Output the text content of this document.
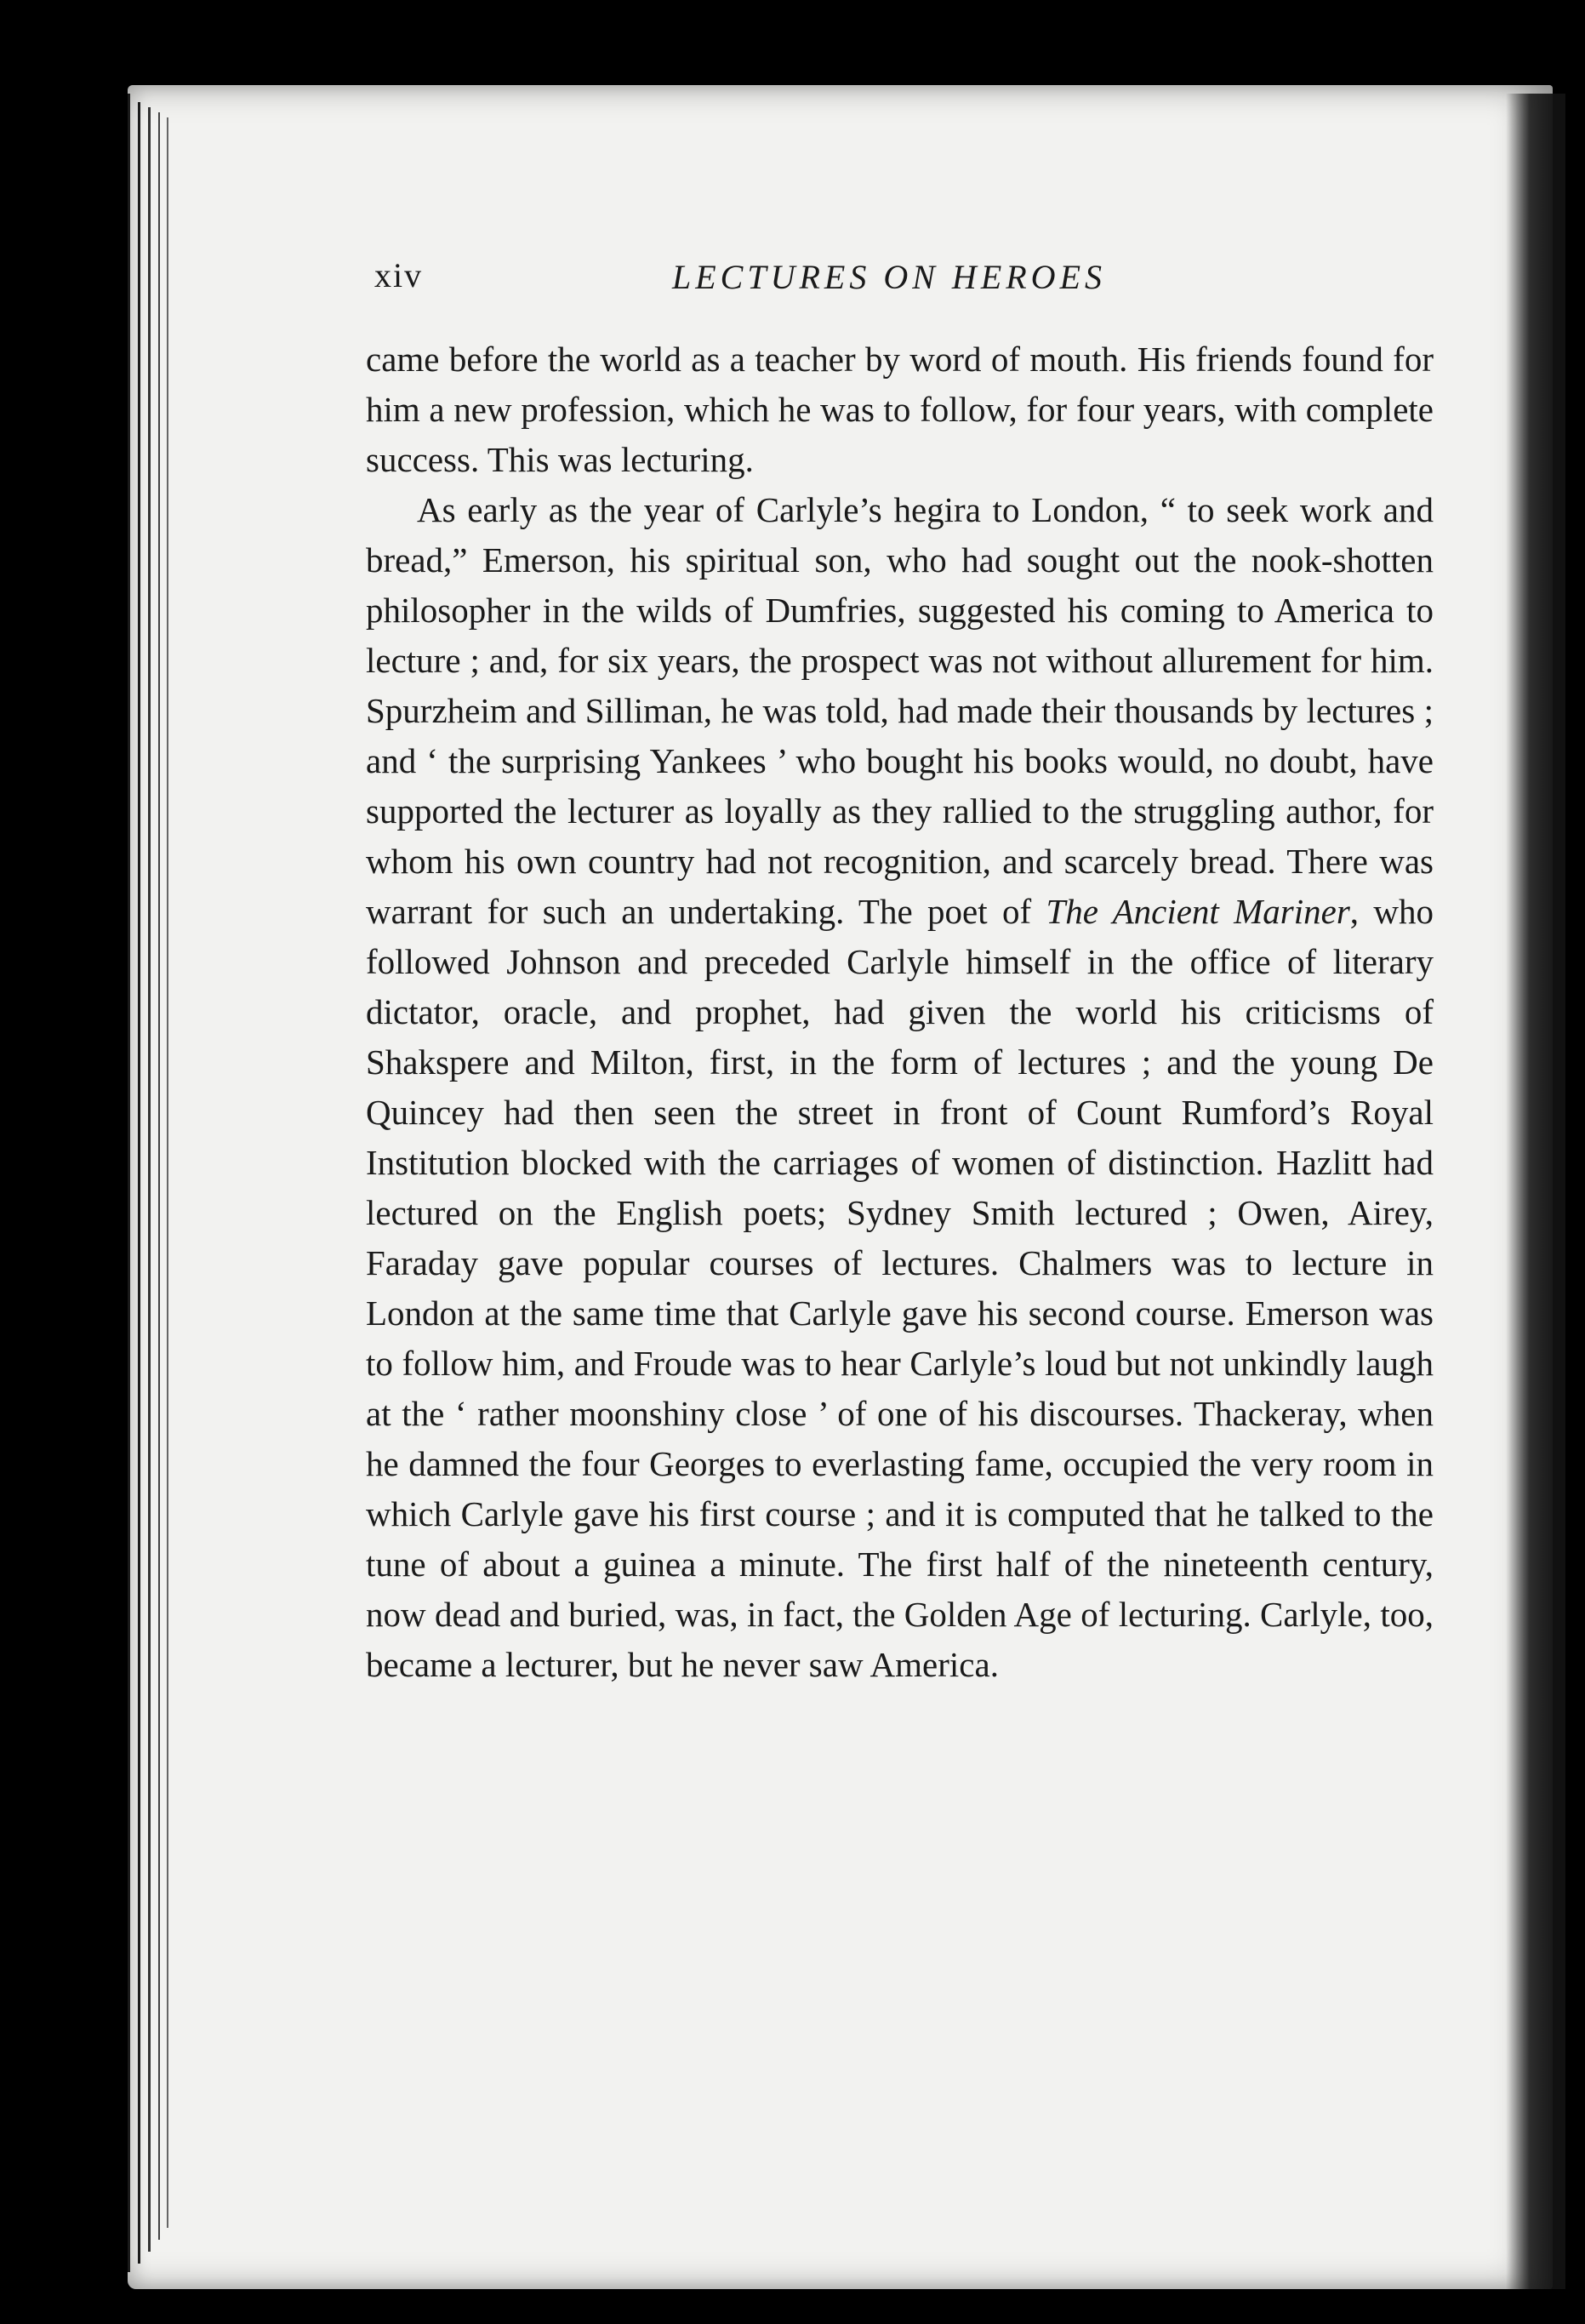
xiv	LECTURES ON HEROES

came before the world as a teacher by word of mouth. His friends found for him a new profession, which he was to follow, for four years, with complete success. This was lecturing.

As early as the year of Carlyle’s hegira to London, “ to seek work and bread,” Emerson, his spiritual son, who had sought out the nook-shotten philosopher in the wilds of Dumfries, suggested his coming to America to lecture ; and, for six years, the prospect was not without allurement for him. Spurzheim and Silliman, he was told, had made their thousands by lectures ; and ‘ the surprising Yankees ’ who bought his books would, no doubt, have supported the lecturer as loyally as they rallied to the struggling author, for whom his own country had not recognition, and scarcely bread. There was warrant for such an undertaking. The poet of The Ancient Mariner, who followed Johnson and preceded Carlyle himself in the office of literary dictator, oracle, and prophet, had given the world his criticisms of Shakspere and Milton, first, in the form of lectures ; and the young De Quincey had then seen the street in front of Count Rumford’s Royal Institution blocked with the carriages of women of distinction. Hazlitt had lectured on the English poets; Sydney Smith lectured ; Owen, Airey, Faraday gave popular courses of lectures. Chalmers was to lecture in London at the same time that Carlyle gave his second course. Emerson was to follow him, and Froude was to hear Carlyle’s loud but not unkindly laugh at the ‘ rather moonshiny close ’ of one of his discourses. Thackeray, when he damned the four Georges to everlasting fame, occupied the very room in which Carlyle gave his first course ; and it is computed that he talked to the tune of about a guinea a minute. The first half of the nineteenth century, now dead and buried, was, in fact, the Golden Age of lecturing. Carlyle, too, became a lecturer, but he never saw America.
